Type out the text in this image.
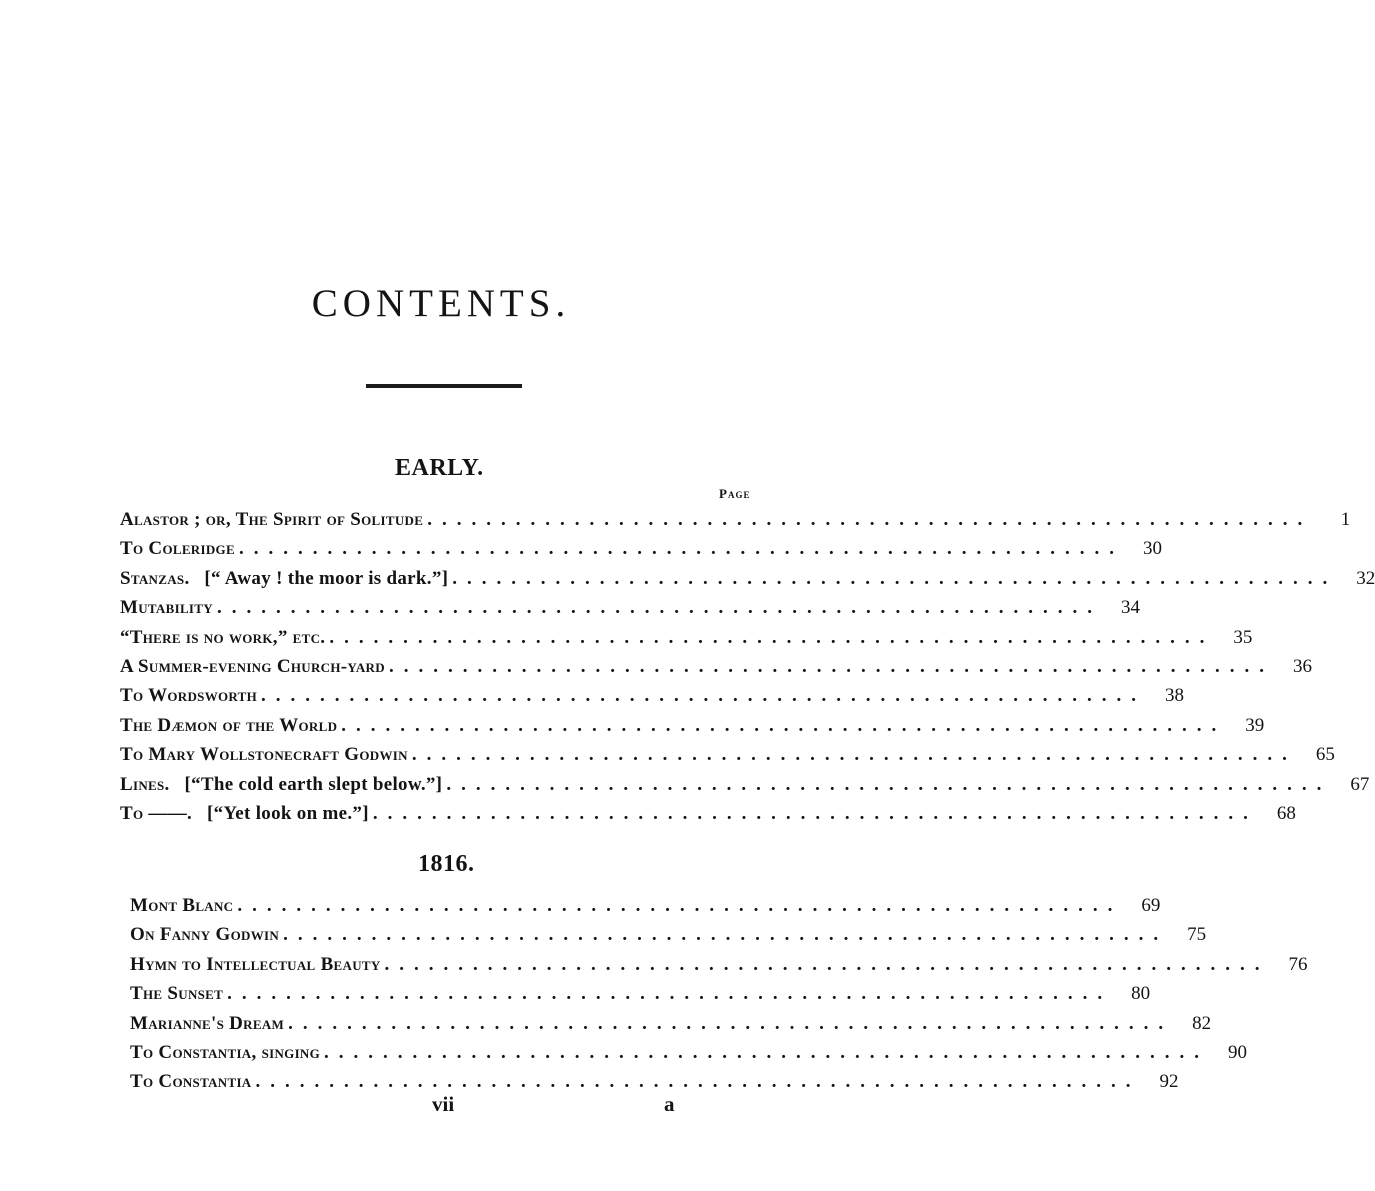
CONTENTS.
EARLY.
Page
Alastor ; or, The Spirit of Solitude ............................................................	1
To Coleridge ............................................................	30
Stanzas.  [“ Away ! the moor is dark.”] ............................................................	32
Mutability ............................................................	34
“There is no work,” etc. ............................................................	35
A Summer-evening Church-yard ............................................................	36
To Wordsworth ............................................................	38
The Dæmon of the World ............................................................	39
To Mary Wollstonecraft Godwin ............................................................	65
Lines.  [“The cold earth slept below.”] ............................................................	67
To ——.  [“Yet look on me.”] ............................................................	68
1816.
Mont Blanc ............................................................	69
On Fanny Godwin ............................................................	75
Hymn to Intellectual Beauty ............................................................	76
The Sunset ............................................................	80
Marianne's Dream ............................................................	82
To Constantia, singing ............................................................	90
To Constantia ............................................................	92
vii	a
